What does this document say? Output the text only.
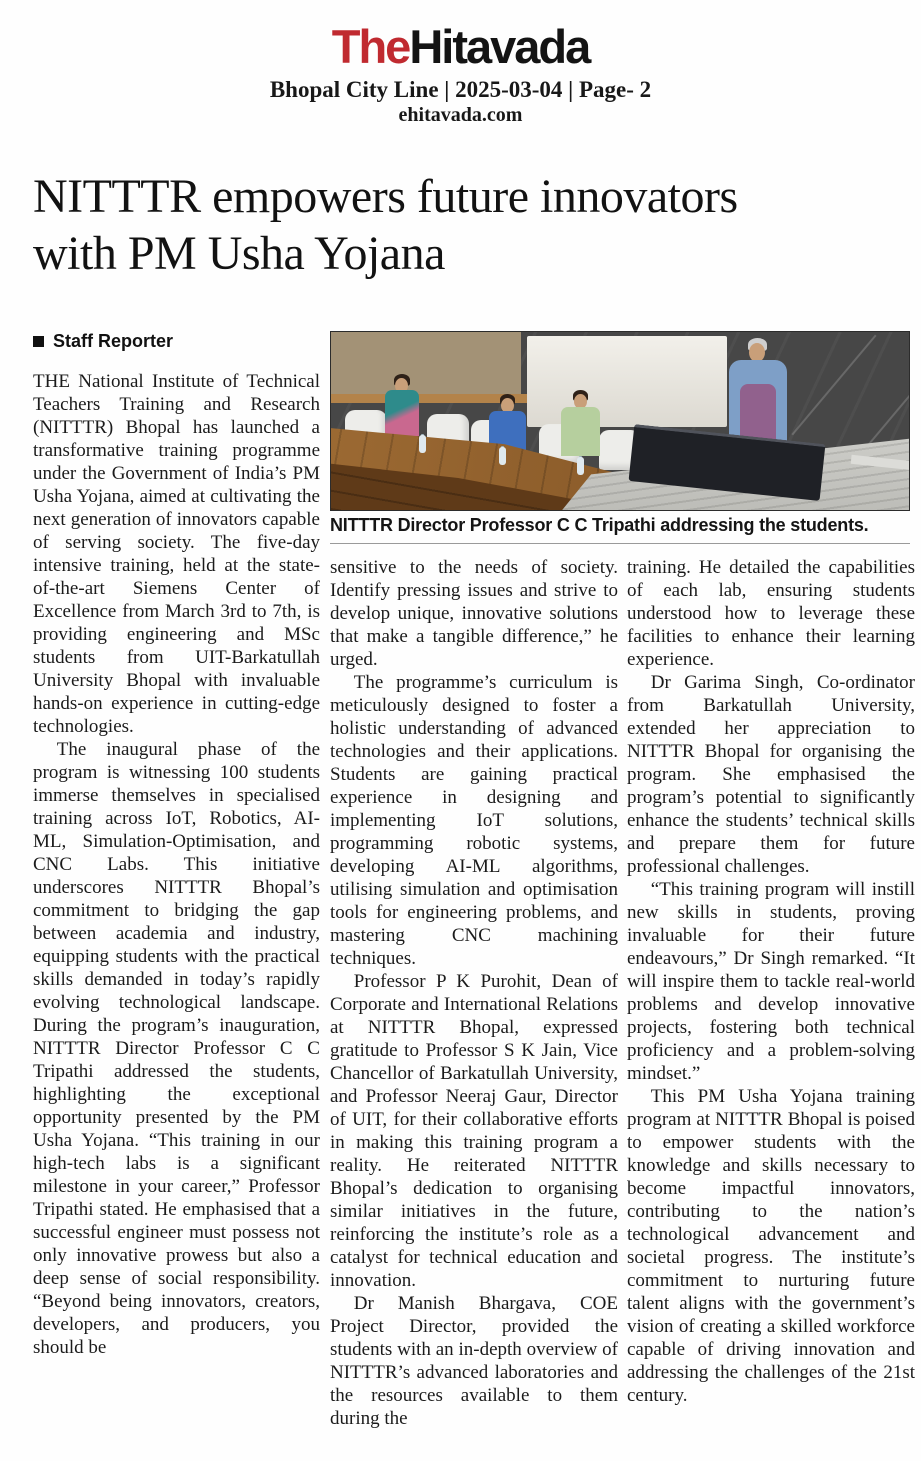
TheHitavada
Bhopal City Line | 2025-03-04 | Page- 2
ehitavada.com
NITTTR empowers future innovators
with PM Usha Yojana
Staff Reporter
NITTTR Director Professor C C Tripathi addressing the students.

THE National Institute of Technical Teachers Training and Research (NITTTR) Bhopal has launched a transformative training programme under the Government of India’s PM Usha Yojana, aimed at cultivating the next generation of innovators capable of serving society. The five-day intensive training, held at the state-of-the-art Siemens Center of Excellence from March 3rd to 7th, is providing engineering and MSc students from UIT-Barkatullah University Bhopal with invaluable hands-on experience in cutting-edge technologies.

The inaugural phase of the program is witnessing 100 students immerse themselves in specialised training across IoT, Robotics, AI-ML, Simulation-Optimisation, and CNC Labs. This initiative underscores NITTTR Bhopal’s commitment to bridging the gap between academia and industry, equipping students with the practical skills demanded in today’s rapidly evolving technological landscape. During the program’s inauguration, NITTTR Director Professor C C Tripathi addressed the students, highlighting the exceptional opportunity presented by the PM Usha Yojana. “This training in our high-tech labs is a significant milestone in your career,” Professor Tripathi stated. He emphasised that a successful engineer must possess not only innovative prowess but also a deep sense of social responsibility. “Beyond being innovators, creators, developers, and producers, you should be

sensitive to the needs of society. Identify pressing issues and strive to develop unique, innovative solutions that make a tangible difference,” he urged.

The programme’s curriculum is meticulously designed to foster a holistic understanding of advanced technologies and their applications. Students are gaining practical experience in designing and implementing IoT solutions, programming robotic systems, developing AI-ML algorithms, utilising simulation and optimisation tools for engineering problems, and mastering CNC machining techniques.

Professor P K Purohit, Dean of Corporate and International Relations at NITTTR Bhopal, expressed gratitude to Professor S K Jain, Vice Chancellor of Barkatullah University, and Professor Neeraj Gaur, Director of UIT, for their collaborative efforts in making this training program a reality. He reiterated NITTTR Bhopal’s dedication to organising similar initiatives in the future, reinforcing the institute’s role as a catalyst for technical education and innovation.

Dr Manish Bhargava, COE Project Director, provided the students with an in-depth overview of NITTTR’s advanced laboratories and the resources available to them during the

training. He detailed the capabilities of each lab, ensuring students understood how to leverage these facilities to enhance their learning experience.

Dr Garima Singh, Co-ordinator from Barkatullah University, extended her appreciation to NITTTR Bhopal for organising the program. She emphasised the program’s potential to significantly enhance the students’ technical skills and prepare them for future professional challenges.

“This training program will instill new skills in students, proving invaluable for their future endeavours,” Dr Singh remarked. “It will inspire them to tackle real-world problems and develop innovative projects, fostering both technical proficiency and a problem-solving mindset.”

This PM Usha Yojana training program at NITTTR Bhopal is poised to empower students with the knowledge and skills necessary to become impactful innovators, contributing to the nation’s technological advancement and societal progress. The institute’s commitment to nurturing future talent aligns with the government’s vision of creating a skilled workforce capable of driving innovation and addressing the challenges of the 21st century.
